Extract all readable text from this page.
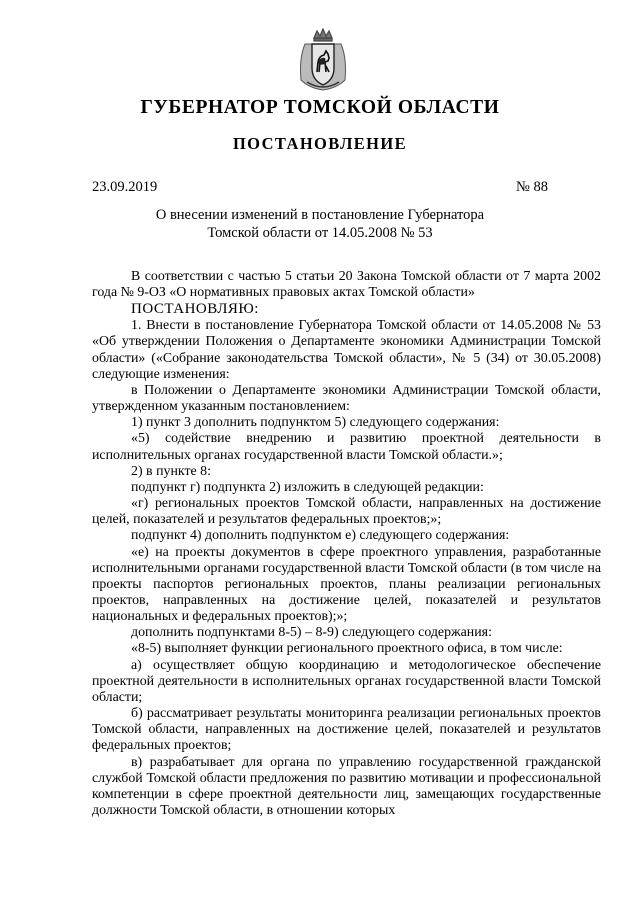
ГУБЕРНАТОР ТОМСКОЙ ОБЛАСТИ
ПОСТАНОВЛЕНИЕ
23.09.2019	№ 88
О внесении изменений в постановление Губернатора
Томской области от 14.05.2008 № 53

В соответствии с частью 5 статьи 20 Закона Томской области от 7 марта 2002 года № 9-ОЗ «О нормативных правовых актах Томской области»

ПОСТАНОВЛЯЮ:

1. Внести в постановление Губернатора Томской области от 14.05.2008 № 53 «Об утверждении Положения о Департаменте экономики Администрации Томской области» («Собрание законодательства Томской области», № 5 (34) от 30.05.2008) следующие изменения:

в Положении о Департаменте экономики Администрации Томской области, утвержденном указанным постановлением:

1) пункт 3 дополнить подпунктом 5) следующего содержания:

«5) содействие внедрению и развитию проектной деятельности в исполнительных органах государственной власти Томской области.»;

2) в пункте 8:

подпункт г) подпункта 2) изложить в следующей редакции:

«г) региональных проектов Томской области, направленных на достижение целей, показателей и результатов федеральных проектов;»;

подпункт 4) дополнить подпунктом е) следующего содержания:

«е) на проекты документов в сфере проектного управления, разработанные исполнительными органами государственной власти Томской области (в том числе на проекты паспортов региональных проектов, планы реализации региональных проектов, направленных на достижение целей, показателей и результатов национальных и федеральных проектов);»;

дополнить подпунктами 8-5) – 8-9) следующего содержания:

«8-5) выполняет функции регионального проектного офиса, в том числе:

а) осуществляет общую координацию и методологическое обеспечение проектной деятельности в исполнительных органах государственной власти Томской области;

б) рассматривает результаты мониторинга реализации региональных проектов Томской области, направленных на достижение целей, показателей и результатов федеральных проектов;

в) разрабатывает для органа по управлению государственной гражданской службой Томской области предложения по развитию мотивации и профессиональной компетенции в сфере проектной деятельности лиц, замещающих государственные должности Томской области, в отношении которых
